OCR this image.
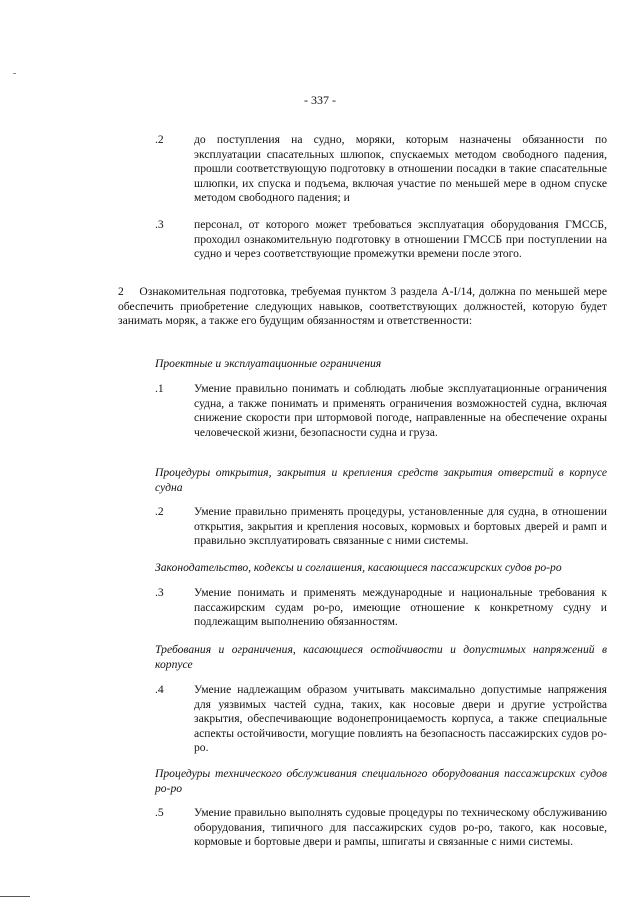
- 337 -
.2	до поступления на судно, моряки, которым назначены обязанности по эксплуатации спасательных шлюпок, спускаемых методом свободного падения, прошли соответствующую подготовку в отношении посадки в такие спасательные шлюпки, их спуска и подъема, включая участие по меньшей мере в одном спуске методом свободного падения; и
.3	персонал, от которого может требоваться эксплуатация оборудования ГМССБ, проходил ознакомительную подготовку в отношении ГМССБ при поступлении на судно и через соответствующие промежутки времени после этого.
2    Ознакомительная подготовка, требуемая пунктом 3 раздела А-I/14, должна по меньшей мере обеспечить приобретение следующих навыков, соответствующих должностей, которую будет занимать моряк, а также его будущим обязанностям и ответственности:
Проектные и эксплуатационные ограничения
.1	Умение правильно понимать и соблюдать любые эксплуатационные ограничения судна, а также понимать и применять ограничения возможностей судна, включая снижение скорости при штормовой погоде, направленные на обеспечение охраны человеческой жизни, безопасности судна и груза.
Процедуры открытия, закрытия и крепления средств закрытия отверстий в корпусе судна
.2	Умение правильно применять процедуры, установленные для судна, в отношении открытия, закрытия и крепления носовых, кормовых и бортовых дверей и рамп и правильно эксплуатировать связанные с ними системы.
Законодательство, кодексы и соглашения, касающиеся пассажирских судов ро-ро
.3	Умение понимать и применять международные и национальные требования к пассажирским судам ро-ро, имеющие отношение к конкретному судну и подлежащим выполнению обязанностям.
Требования и ограничения, касающиеся остойчивости и допустимых напряжений в корпусе
.4	Умение надлежащим образом учитывать максимально допустимые напряжения для уязвимых частей судна, таких, как носовые двери и другие устройства закрытия, обеспечивающие водонепроницаемость корпуса, а также специальные аспекты остойчивости, могущие повлиять на безопасность пассажирских судов ро-ро.
Процедуры технического обслуживания специального оборудования пассажирских судов ро-ро
.5	Умение правильно выполнять судовые процедуры по техническому обслуживанию оборудования, типичного для пассажирских судов ро-ро, такого, как носовые, кормовые и бортовые двери и рампы, шпигаты и связанные с ними системы.
